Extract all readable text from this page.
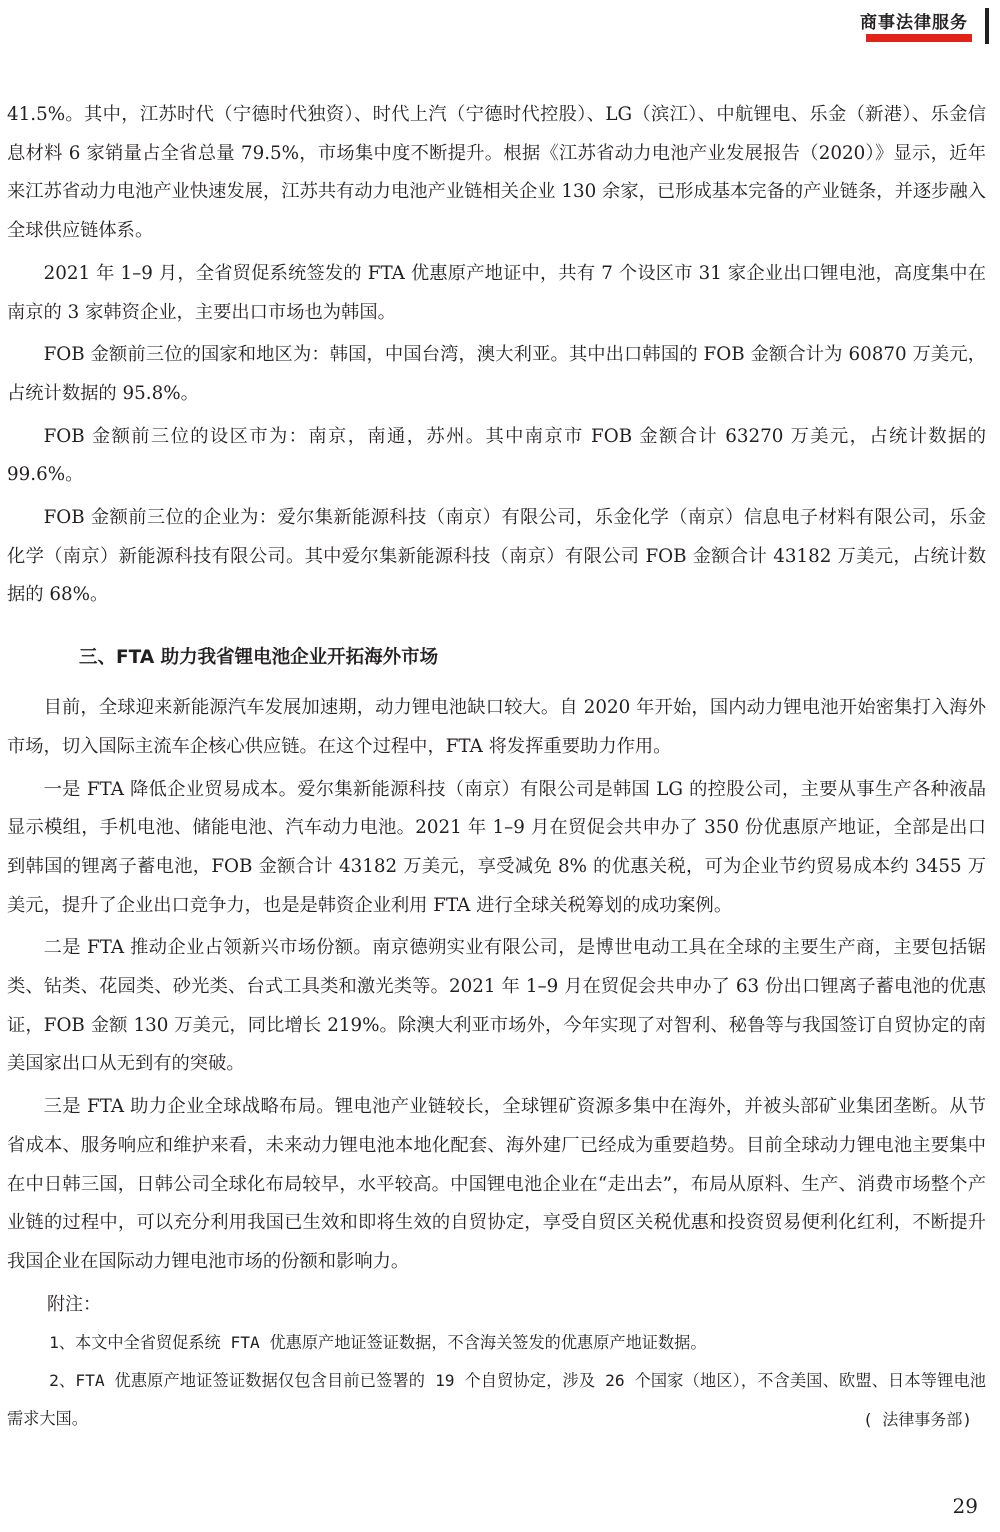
商事法律服务

41.5%。其中，江苏时代（宁德时代独资）、时代上汽（宁德时代控股）、LG（滨江）、中航锂电、乐金（新港）、乐金信息材料 6 家销量占全省总量 79.5%，市场集中度不断提升。根据《江苏省动力电池产业发展报告（2020）》显示，近年来江苏省动力电池产业快速发展，江苏共有动力电池产业链相关企业 130 余家，已形成基本完备的产业链条，并逐步融入全球供应链体系。

2021 年 1–9 月，全省贸促系统签发的 FTA 优惠原产地证中，共有 7 个设区市 31 家企业出口锂电池，高度集中在南京的 3 家韩资企业，主要出口市场也为韩国。

FOB 金额前三位的国家和地区为：韩国，中国台湾，澳大利亚。其中出口韩国的 FOB 金额合计为 60870 万美元，占统计数据的 95.8%。

FOB 金额前三位的设区市为：南京，南通，苏州。其中南京市 FOB 金额合计 63270 万美元，占统计数据的 99.6%。

FOB 金额前三位的企业为：爱尔集新能源科技（南京）有限公司，乐金化学（南京）信息电子材料有限公司，乐金化学（南京）新能源科技有限公司。其中爱尔集新能源科技（南京）有限公司 FOB 金额合计 43182 万美元，占统计数据的 68%。

三、FTA 助力我省锂电池企业开拓海外市场

目前，全球迎来新能源汽车发展加速期，动力锂电池缺口较大。自 2020 年开始，国内动力锂电池开始密集打入海外市场，切入国际主流车企核心供应链。在这个过程中，FTA 将发挥重要助力作用。

一是 FTA 降低企业贸易成本。爱尔集新能源科技（南京）有限公司是韩国 LG 的控股公司，主要从事生产各种液晶显示模组，手机电池、储能电池、汽车动力电池。2021 年 1–9 月在贸促会共申办了 350 份优惠原产地证，全部是出口到韩国的锂离子蓄电池，FOB 金额合计 43182 万美元，享受减免 8% 的优惠关税，可为企业节约贸易成本约 3455 万美元，提升了企业出口竞争力，也是是韩资企业利用 FTA 进行全球关税筹划的成功案例。

二是 FTA 推动企业占领新兴市场份额。南京德朔实业有限公司，是博世电动工具在全球的主要生产商，主要包括锯类、钻类、花园类、砂光类、台式工具类和激光类等。2021 年 1–9 月在贸促会共申办了 63 份出口锂离子蓄电池的优惠证，FOB 金额 130 万美元，同比增长 219%。除澳大利亚市场外，今年实现了对智利、秘鲁等与我国签订自贸协定的南美国家出口从无到有的突破。

三是 FTA 助力企业全球战略布局。锂电池产业链较长，全球锂矿资源多集中在海外，并被头部矿业集团垄断。从节省成本、服务响应和维护来看，未来动力锂电池本地化配套、海外建厂已经成为重要趋势。目前全球动力锂电池主要集中在中日韩三国，日韩公司全球化布局较早，水平较高。中国锂电池企业在“走出去”，布局从原料、生产、消费市场整个产业链的过程中，可以充分利用我国已生效和即将生效的自贸协定，享受自贸区关税优惠和投资贸易便利化红利，不断提升我国企业在国际动力锂电池市场的份额和影响力。

附注：

1、本文中全省贸促系统 FTA 优惠原产地证签证数据，不含海关签发的优惠原产地证数据。

2、FTA 优惠原产地证签证数据仅包含目前已签署的 19 个自贸协定，涉及 26 个国家（地区），不含美国、欧盟、日本等锂电池需求大国。	( 法律事务部)

29
